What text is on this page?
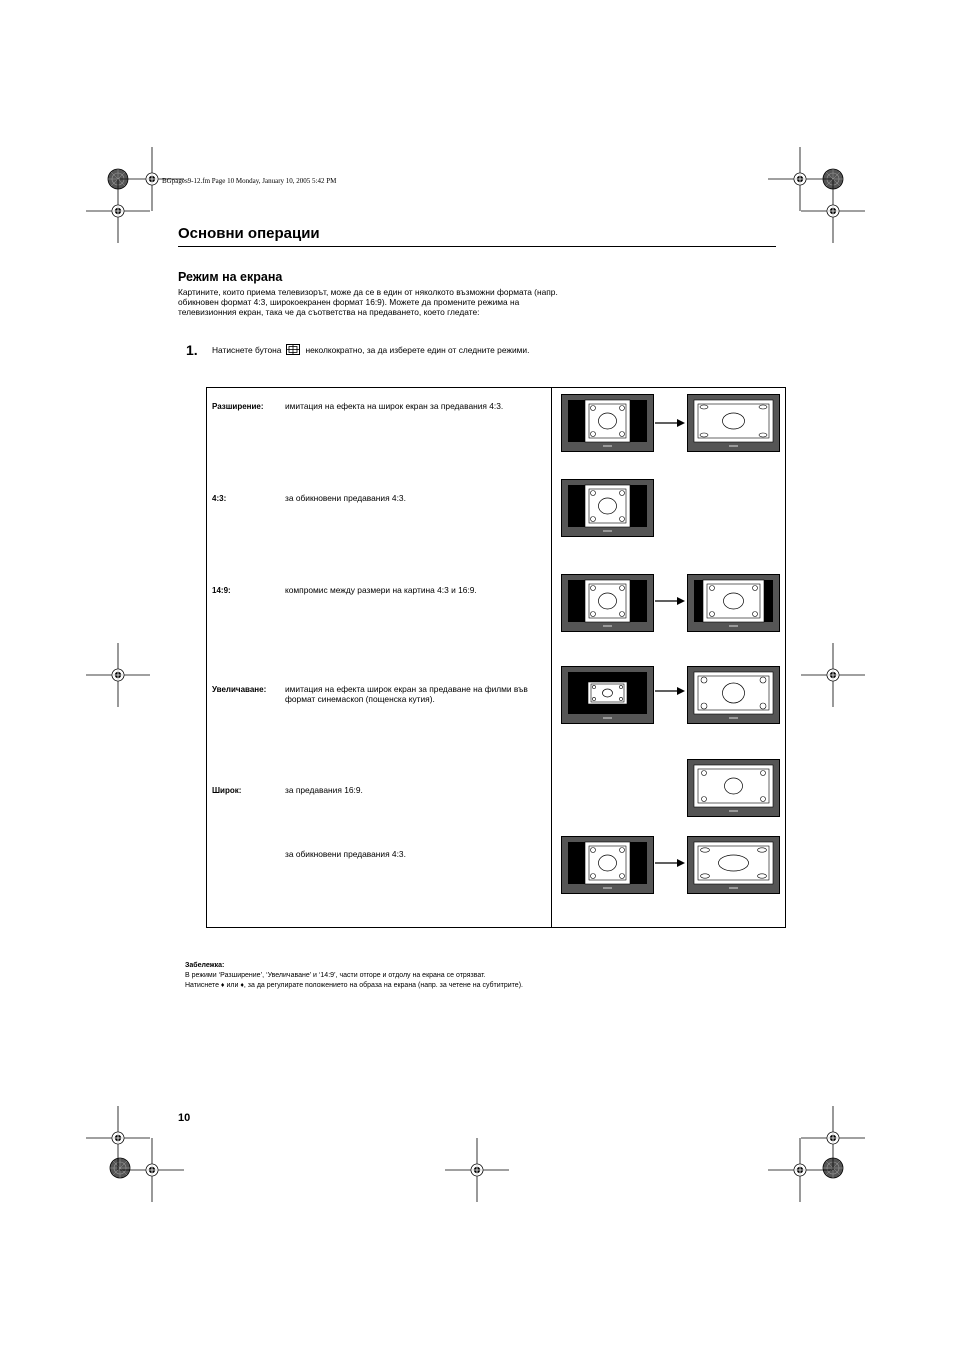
BGpages9-12.fm Page 10 Monday, January 10, 2005 5:42 PM
Основни операции
Режим на екрана
Картините, които приема телевизорът, може да се в един от няколкото възможни формата (напр. обикновен формат 4:3, широкоекранен формат 16:9). Можете да промените режима на телевизионния екран, така че да съответства на предаването, което гледате:
1. Натиснете бутона	неколкократно, за да изберете един от следните режими.
Разширение:	имитация на ефекта на широк екран за предавания 4:3.
4:3:	за обикновени предавания 4:3.
14:9:	компромис между размери на картина 4:3 и 16:9.
Увеличаване: имитация на ефекта широк екран за предаване на филми във формат синемаскоп (пощенска кутия).
Широк:	за предавания 16:9.
за обикновени предавания 4:3.
Забележка:
В режими ‘Разширение’, ‘Увеличаване’ и ‘14:9’, части отгоре и отдолу на екрана се отрязват.
Натиснете ♦ или ♦, за да регулирате положението на образа на екрана (напр. за четене на субтитрите).
10
